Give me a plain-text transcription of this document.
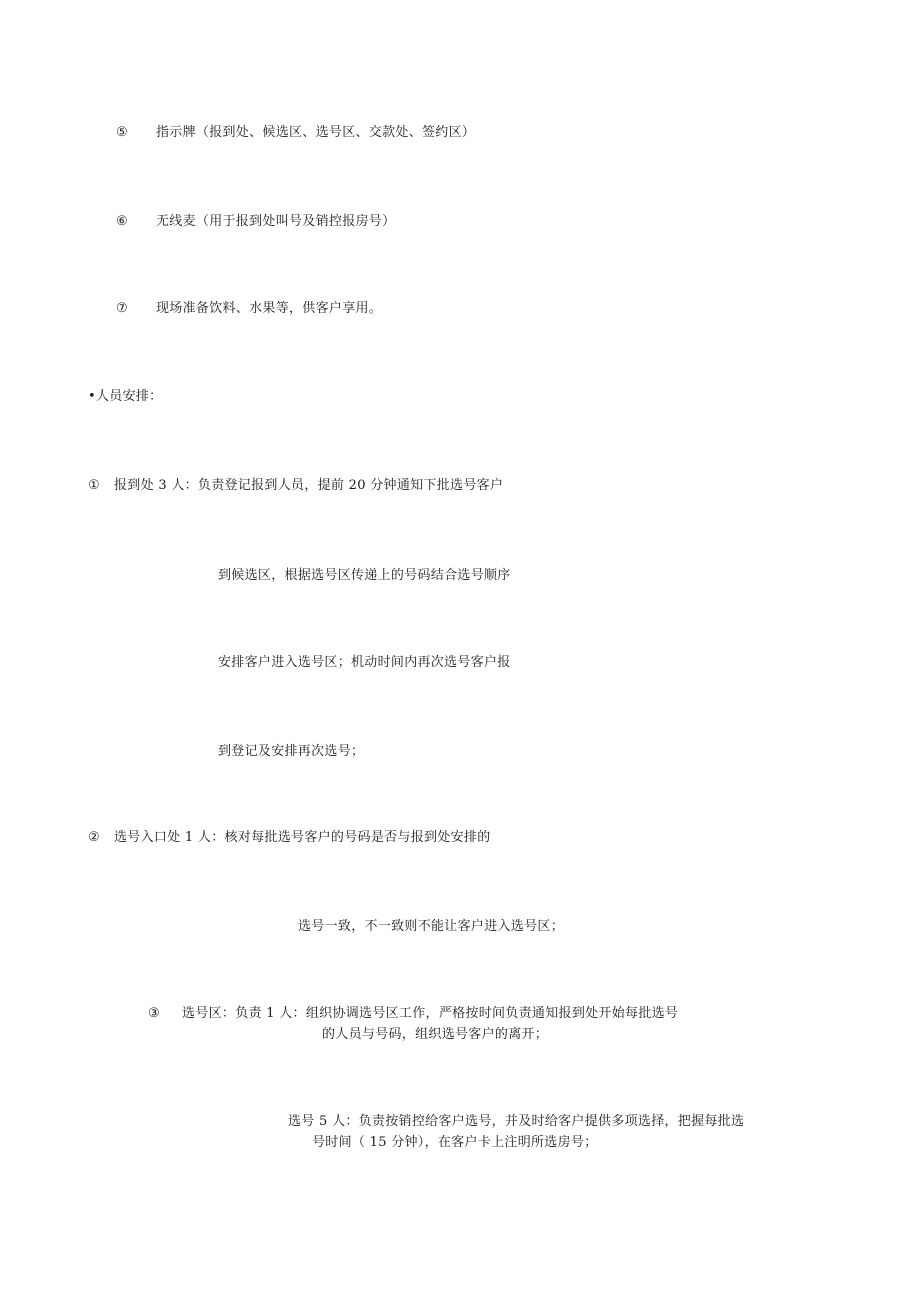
⑤ 指示牌（报到处、候选区、选号区、交款处、签约区）
⑥ 无线麦（用于报到处叫号及销控报房号）
⑦ 现场准备饮料、水果等，供客户享用。
•人员安排：
① 报到处 3 人：负责登记报到人员，提前 20 分钟通知下批选号客户
到候选区，根据选号区传递上的号码结合选号顺序
安排客户进入选号区；机动时间内再次选号客户报
到登记及安排再次选号；
② 选号入口处 1 人：核对每批选号客户的号码是否与报到处安排的
选号一致，不一致则不能让客户进入选号区；
③ 选号区：负责 1 人：组织协调选号区工作，严格按时间负责通知报到处开始每批选号
的人员与号码，组织选号客户的离开；
选号 5 人：负责按销控给客户选号，并及时给客户提供多项选择，把握每批选
号时间（ 15 分钟），在客户卡上注明所选房号；
